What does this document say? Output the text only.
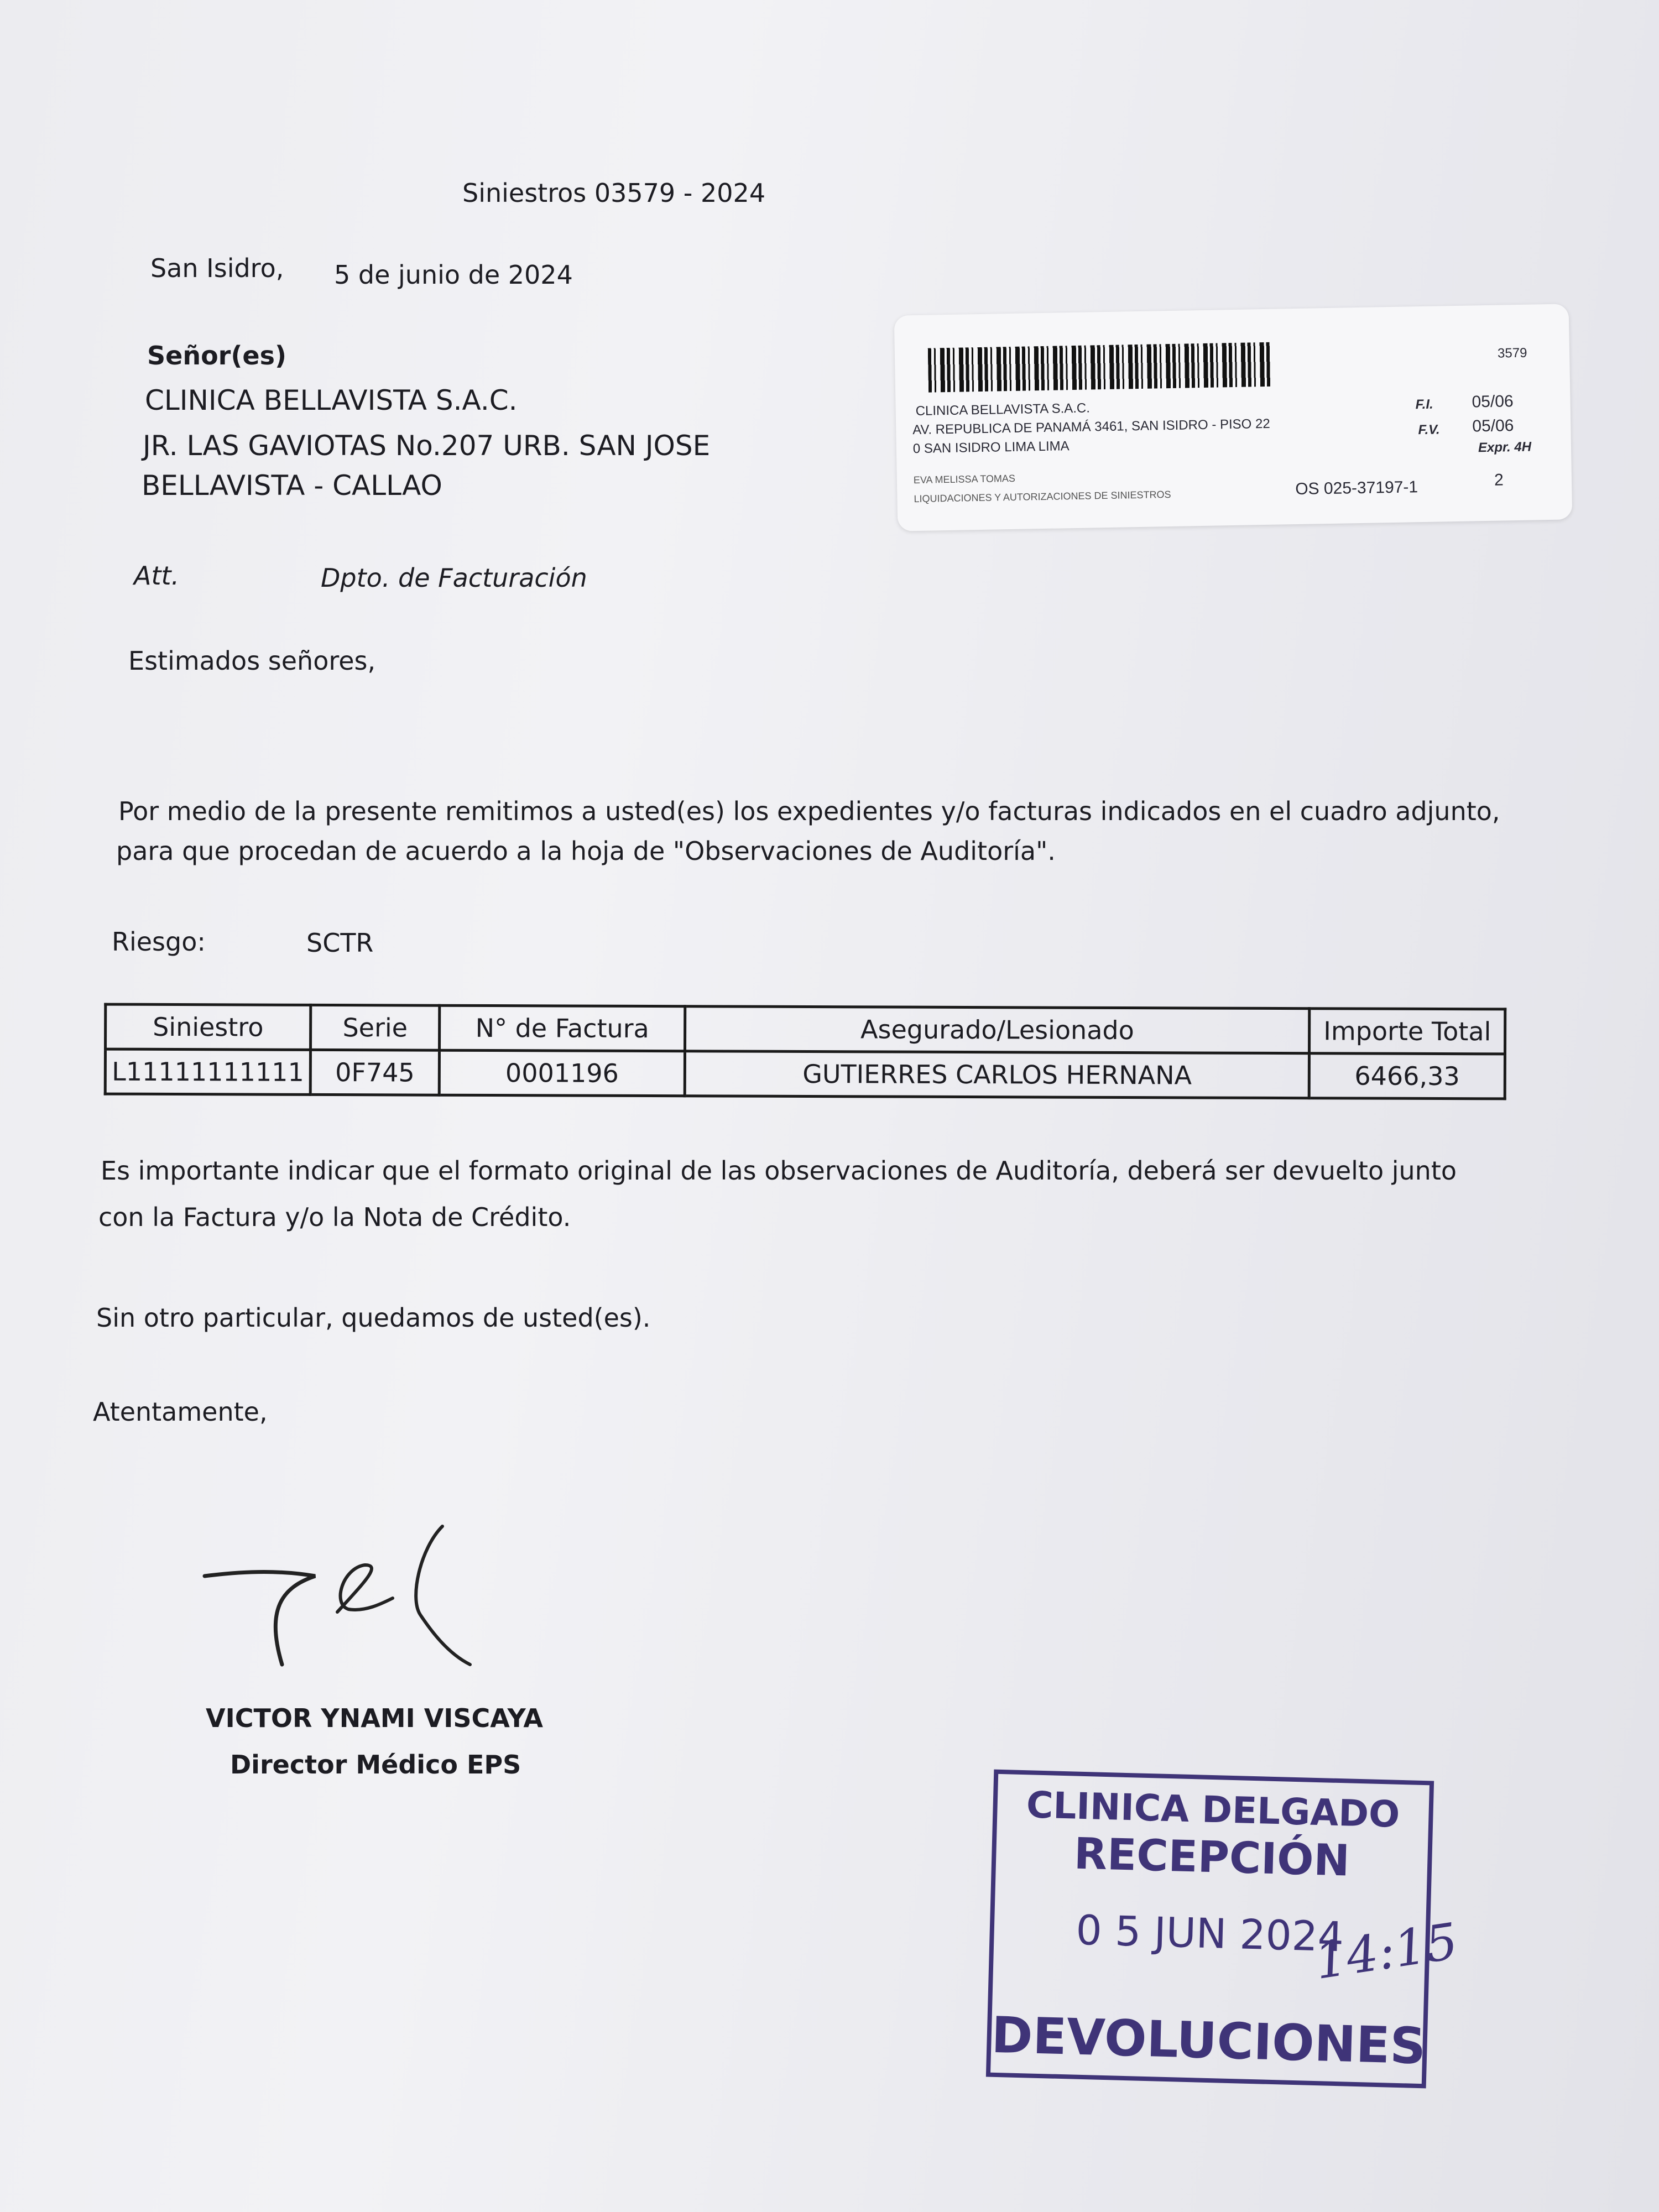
Siniestros 03579 - 2024
San Isidro, 5 de junio de 2024
Señor(es)
CLINICA BELLAVISTA S.A.C.
JR. LAS GAVIOTAS No.207 URB. SAN JOSE
BELLAVISTA - CALLAO
Att.	Dpto. de Facturación
Estimados señores,
Por medio de la presente remitimos a usted(es) los expedientes y/o facturas indicados en el cuadro adjunto,
para que procedan de acuerdo a la hoja de "Observaciones de Auditoría".
Riesgo:	SCTR
Siniestro	Serie	N° de Factura	Asegurado/Lesionado	Importe Total
L11111111111	0F745	0001196	GUTIERRES CARLOS HERNANA	6466,33
Es importante indicar que el formato original de las observaciones de Auditoría, deberá ser devuelto junto
con la Factura y/o la Nota de Crédito.
Sin otro particular, quedamos de usted(es).
Atentamente,
VICTOR YNAMI VISCAYA
Director Médico EPS
3579
CLINICA BELLAVISTA S.A.C.
AV. REPUBLICA DE PANAMÁ 3461, SAN ISIDRO - PISO 22
0 SAN ISIDRO LIMA LIMA
F.I. 05/06
F.V. 05/06
Expr. 4H
EVA MELISSA TOMAS
LIQUIDACIONES Y AUTORIZACIONES DE SINIESTROS	OS 025-37197-1	2
CLINICA DELGADO
RECEPCIÓN
0 5 JUN 2024
14:15
DEVOLUCIONES
